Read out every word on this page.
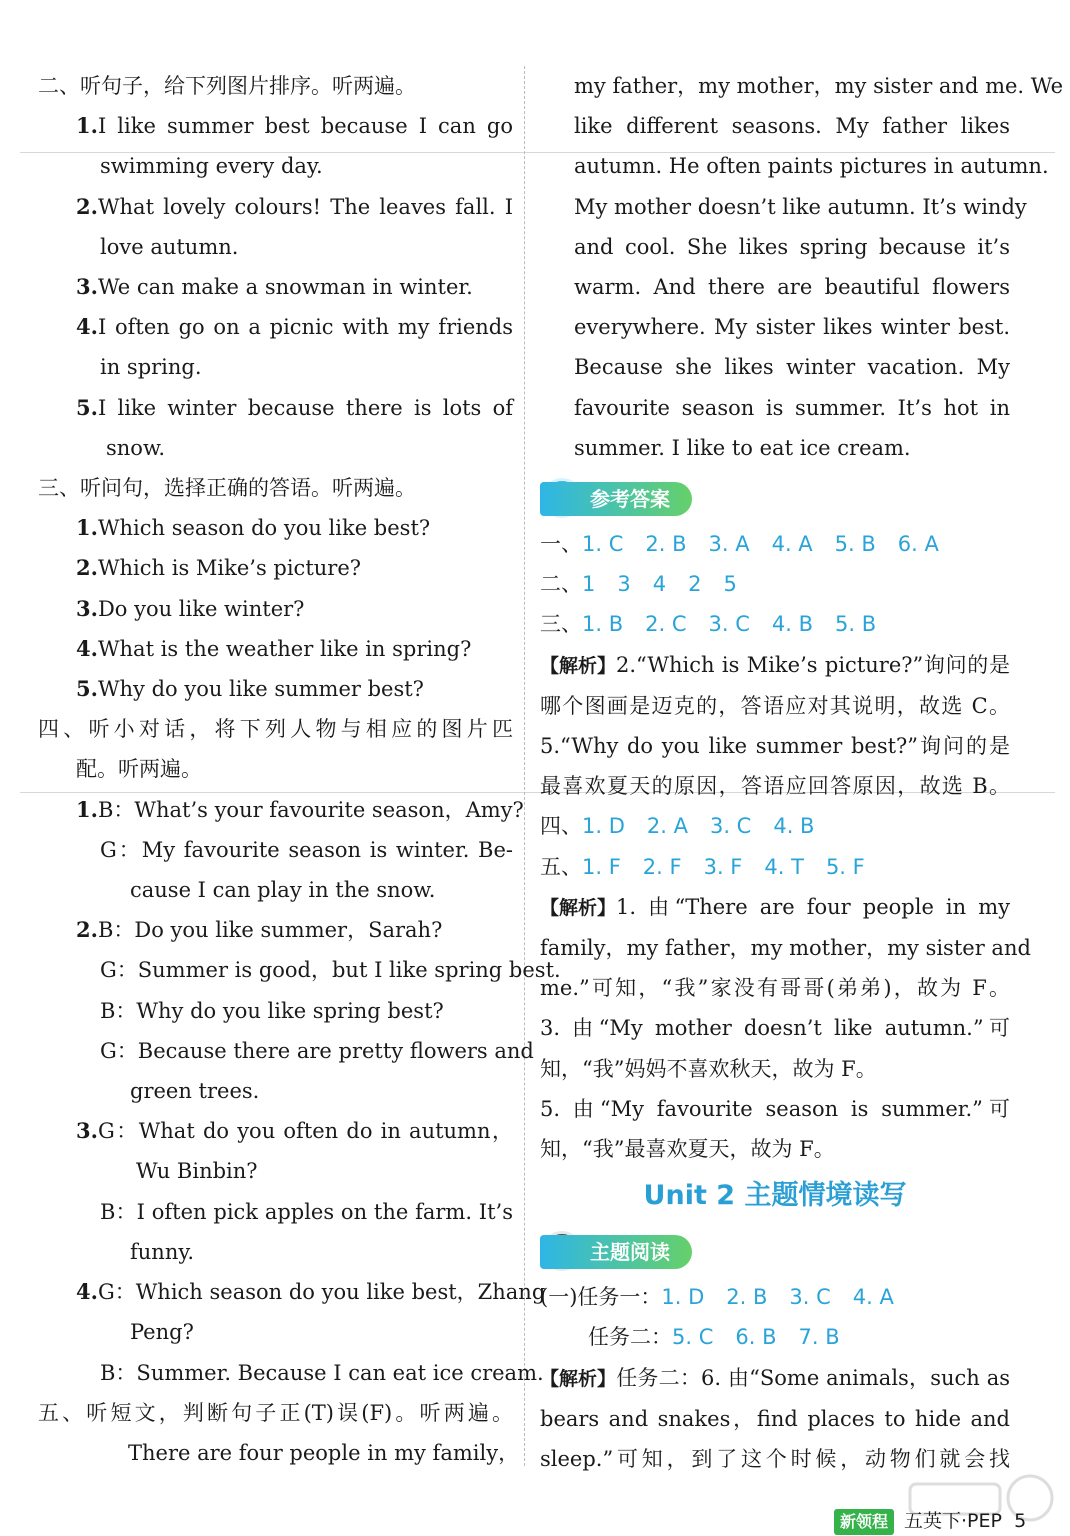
二、听句子，给下列图片排序。听两遍。
1.I like summer best because I can go
swimming every day.
2.What lovely colours! The leaves fall. I
love autumn.
3.We can make a snowman in winter.
4.I often go on a picnic with my friends
in spring.
5.I like winter because there is lots of
snow.
三、听问句，选择正确的答语。听两遍。
1.Which season do you like best?
2.Which is Mike’s picture?
3.Do you like winter?
4.What is the weather like in spring?
5.Why do you like summer best?
四、听小对话，将下列人物与相应的图片匹
配。听两遍。
1.B：What’s your favourite season，Amy?
G：My favourite season is winter. Be-
cause I can play in the snow.
2.B：Do you like summer，Sarah?
G：Summer is good，but I like spring best.
B：Why do you like spring best?
G：Because there are pretty flowers and
green trees.
3.G：What do you often do in autumn，
Wu Binbin?
B：I often pick apples on the farm. It’s
funny.
4.G：Which season do you like best，Zhang
Peng?
B：Summer. Because I can eat ice cream.
五、听短文，判断句子正(T)误(F)。听两遍。
There are four people in my family，
my father，my mother，my sister and me. We
like different seasons. My father likes
autumn. He often paints pictures in autumn.
My mother doesn’t like autumn. It’s windy
and cool. She likes spring because it’s
warm. And there are beautiful flowers
everywhere. My sister likes winter best.
Because she likes winter vacation. My
favourite season is summer. It’s hot in
summer. I like to eat ice cream.
参考答案
一、1. C 2. B 3. A 4. A 5. B 6. A
二、1 3 4 2 5
三、1. B 2. C 3. C 4. B 5. B
【解析】2.“Which is Mike’s picture?”询问的是
哪个图画是迈克的，答语应对其说明，故选 C。
5.“Why do you like summer best?”询问的是
最喜欢夏天的原因，答语应回答原因，故选 B。
四、1. D 2. A 3. C 4. B
五、1. F 2. F 3. F 4. T 5. F
【解析】1. 由“There are four people in my
family，my father，my mother，my sister and
me.”可知，“我”家没有哥哥(弟弟)，故为 F。
3. 由“My mother doesn’t like autumn.”可
知，“我”妈妈不喜欢秋天，故为 F。
5. 由“My favourite season is summer.”可
知，“我”最喜欢夏天，故为 F。
Unit 2 主题情境读写
主题阅读
(一)任务一：1. D 2. B 3. C 4. A
任务二：5. C 6. B 7. B
【解析】任务二：6. 由“Some animals，such as
bears and snakes，find places to hide and
sleep.”可知，到了这个时候，动物们就会找
新领程 五英下·PEP 5
